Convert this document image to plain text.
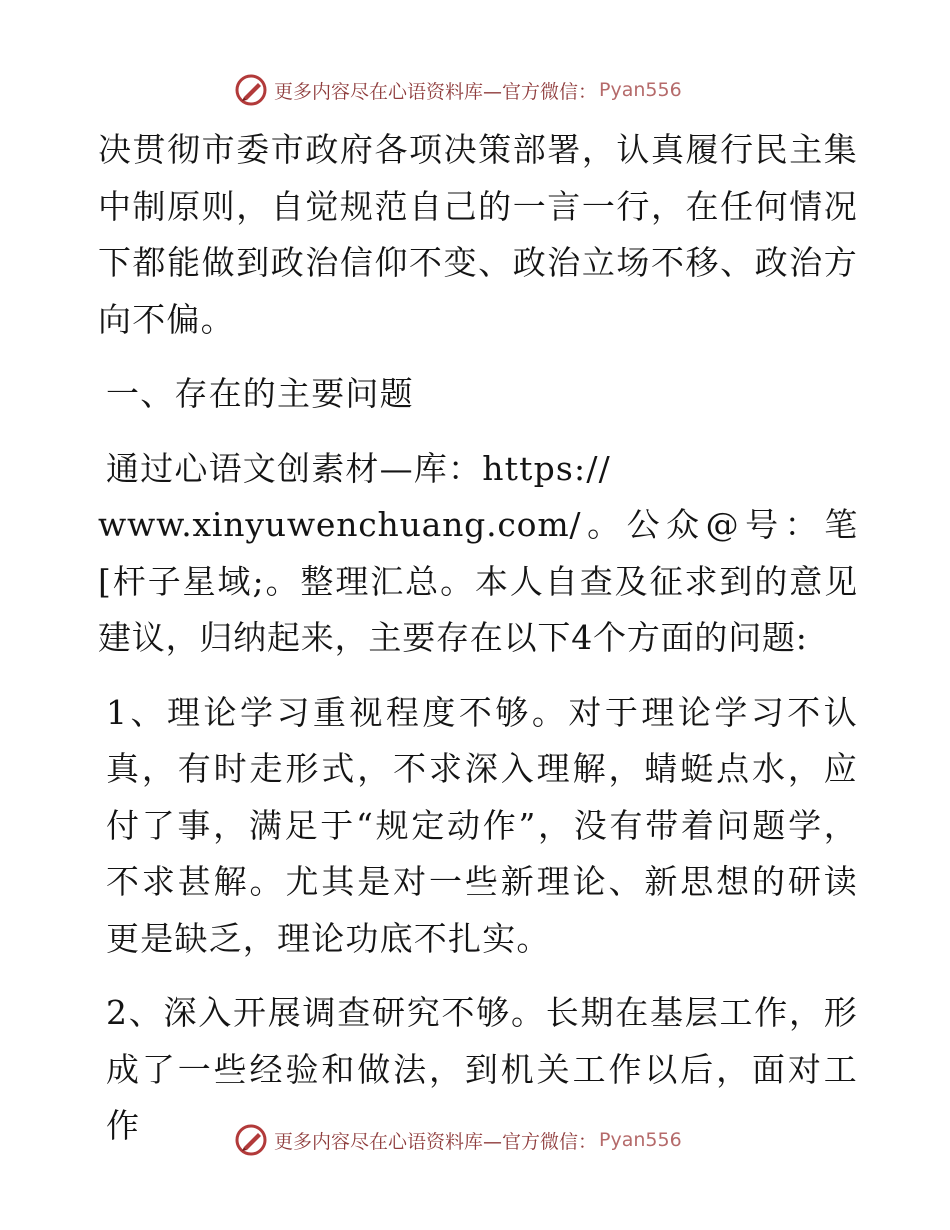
更多内容尽在心语资料库—官方微信： Pyan556

决贯彻市委市政府各项决策部署，认真履行民主集中制原则，自觉规范自己的一言一行，在任何情况下都能做到政治信仰不变、政治立场不移、政治方向不偏。

一、存在的主要问题

通过心语文创素材—库：https://

www.xinyuwenchuang.com/。公众@号：笔[杆子星域;。整理汇总。本人自查及征求到的意见建议，归纳起来，主要存在以下4个方面的问题:

1、理论学习重视程度不够。对于理论学习不认真，有时走形式，不求深入理解，蜻蜓点水，应付了事，满足于“规定动作”，没有带着问题学，不求甚解。尤其是对一些新理论、新思想的研读更是缺乏，理论功底不扎实。

2、深入开展调查研究不够。长期在基层工作，形成了一些经验和做法，到机关工作以后，面对工作	更多内容尽在心语资料库—官方微信： Pyan556
